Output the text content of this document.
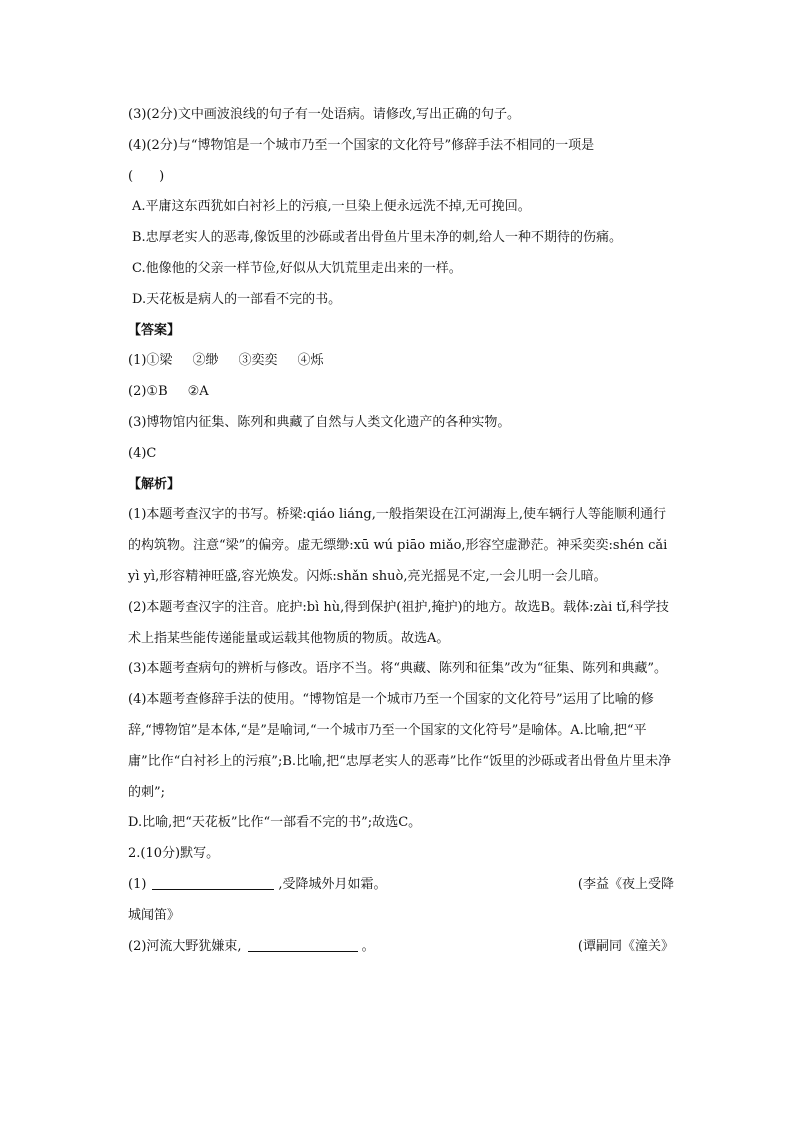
(3)(2分)文中画波浪线的句子有一处语病。请修改,写出正确的句子。
(4)(2分)与“博物馆是一个城市乃至一个国家的文化符号”修辞手法不相同的一项是
(　　)
A.平庸这东西犹如白衬衫上的污痕,一旦染上便永远洗不掉,无可挽回。
B.忠厚老实人的恶毒,像饭里的沙砾或者出骨鱼片里未净的刺,给人一种不期待的伤痛。
C.他像他的父亲一样节俭,好似从大饥荒里走出来的一样。
D.天花板是病人的一部看不完的书。
【答案】
(1)①梁 ②缈 ③奕奕 ④烁
(2)①B ②A
(3)博物馆内征集、陈列和典藏了自然与人类文化遗产的各种实物。
(4)C
【解析】
(1)本题考查汉字的书写。桥梁:qiáo liáng,一般指架设在江河湖海上,使车辆行人等能顺利通行的构筑物。注意“梁”的偏旁。虚无缥缈:xū wú piāo miǎo,形容空虚渺茫。神采奕奕:shén cǎi yì yì,形容精神旺盛,容光焕发。闪烁:shǎn shuò,亮光摇晃不定,一会儿明一会儿暗。
(2)本题考查汉字的注音。庇护:bì hù,得到保护(祖护,掩护)的地方。故选B。载体:zài tǐ,科学技术上指某些能传递能量或运载其他物质的物质。故选A。
(3)本题考查病句的辨析与修改。语序不当。将“典藏、陈列和征集”改为“征集、陈列和典藏”。
(4)本题考查修辞手法的使用。“博物馆是一个城市乃至一个国家的文化符号”运用了比喻的修辞,“博物馆”是本体,“是”是喻词,“一个城市乃至一个国家的文化符号”是喻体。A.比喻,把“平庸”比作“白衬衫上的污痕”;B.比喻,把“忠厚老实人的恶毒”比作“饭里的沙砾或者出骨鱼片里未净的刺”;
D.比喻,把“天花板”比作“一部看不完的书”;故选C。
2.(10分)默写。
(1)	,受降城外月如霜。	(李益《夜上受降
城闻笛》
(2)河流大野犹嫌束,	。	(谭嗣同《潼关》
